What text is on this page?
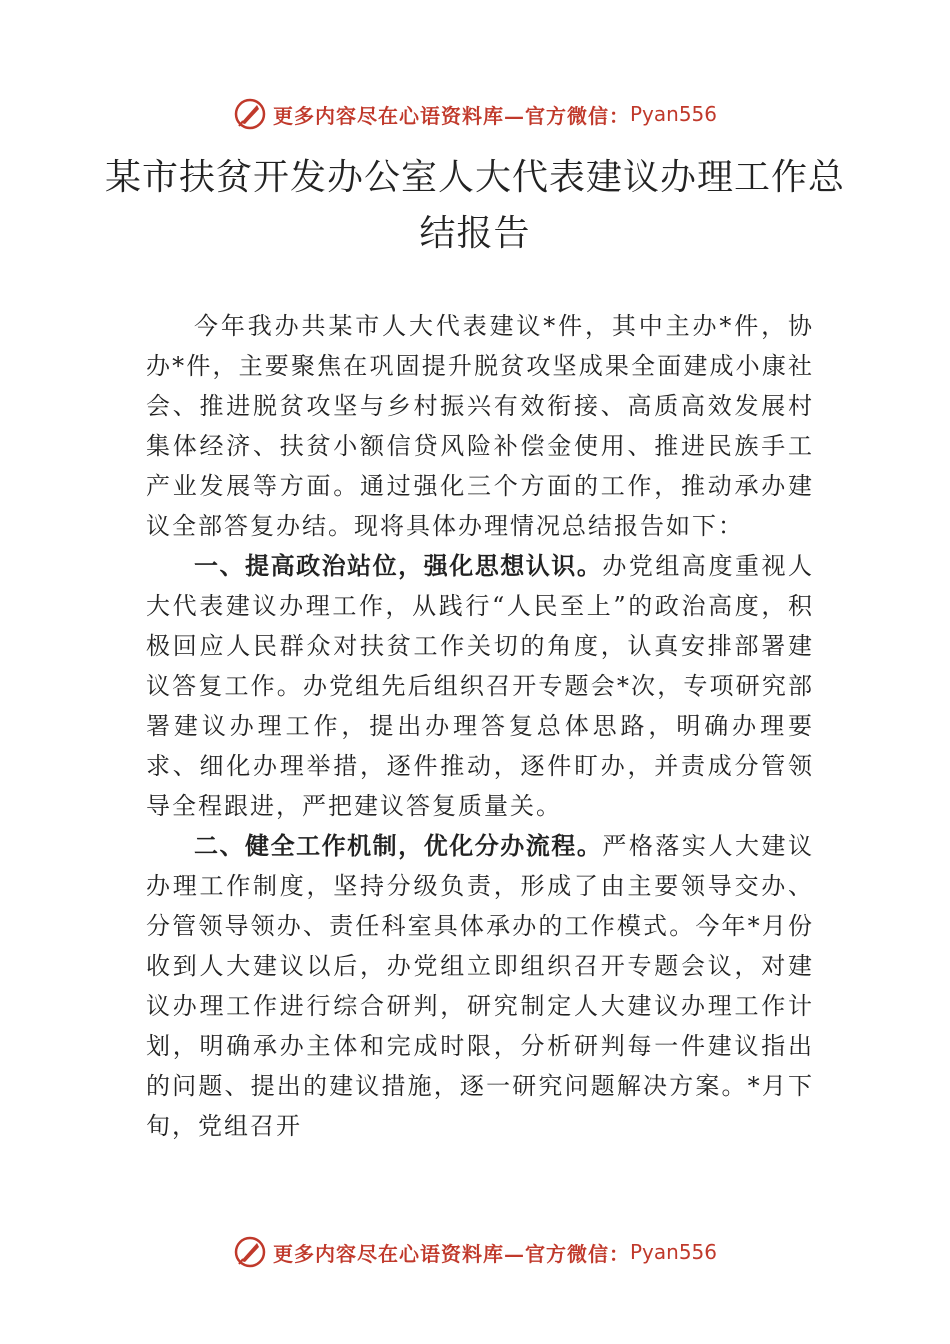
更多内容尽在心语资料库—官方微信： Pyan556
某市扶贫开发办公室人大代表建议办理工作总结报告

今年我办共某市人大代表建议*件，其中主办*件，协办*件，主要聚焦在巩固提升脱贫攻坚成果全面建成小康社会、推进脱贫攻坚与乡村振兴有效衔接、高质高效发展村集体经济、扶贫小额信贷风险补偿金使用、推进民族手工产业发展等方面。通过强化三个方面的工作，推动承办建议全部答复办结。现将具体办理情况总结报告如下：

一、提高政治站位，强化思想认识。办党组高度重视人大代表建议办理工作，从践行“人民至上”的政治高度，积极回应人民群众对扶贫工作关切的角度，认真安排部署建议答复工作。办党组先后组织召开专题会*次，专项研究部署建议办理工作，提出办理答复总体思路，明确办理要求、细化办理举措，逐件推动，逐件盯办，并责成分管领导全程跟进，严把建议答复质量关。

二、健全工作机制，优化分办流程。严格落实人大建议办理工作制度，坚持分级负责，形成了由主要领导交办、分管领导领办、责任科室具体承办的工作模式。今年*月份收到人大建议以后，办党组立即组织召开专题会议，对建议办理工作进行综合研判，研究制定人大建议办理工作计划，明确承办主体和完成时限，分析研判每一件建议指出的问题、提出的建议措施，逐一研究问题解决方案。*月下旬，党组召开

更多内容尽在心语资料库—官方微信： Pyan556
